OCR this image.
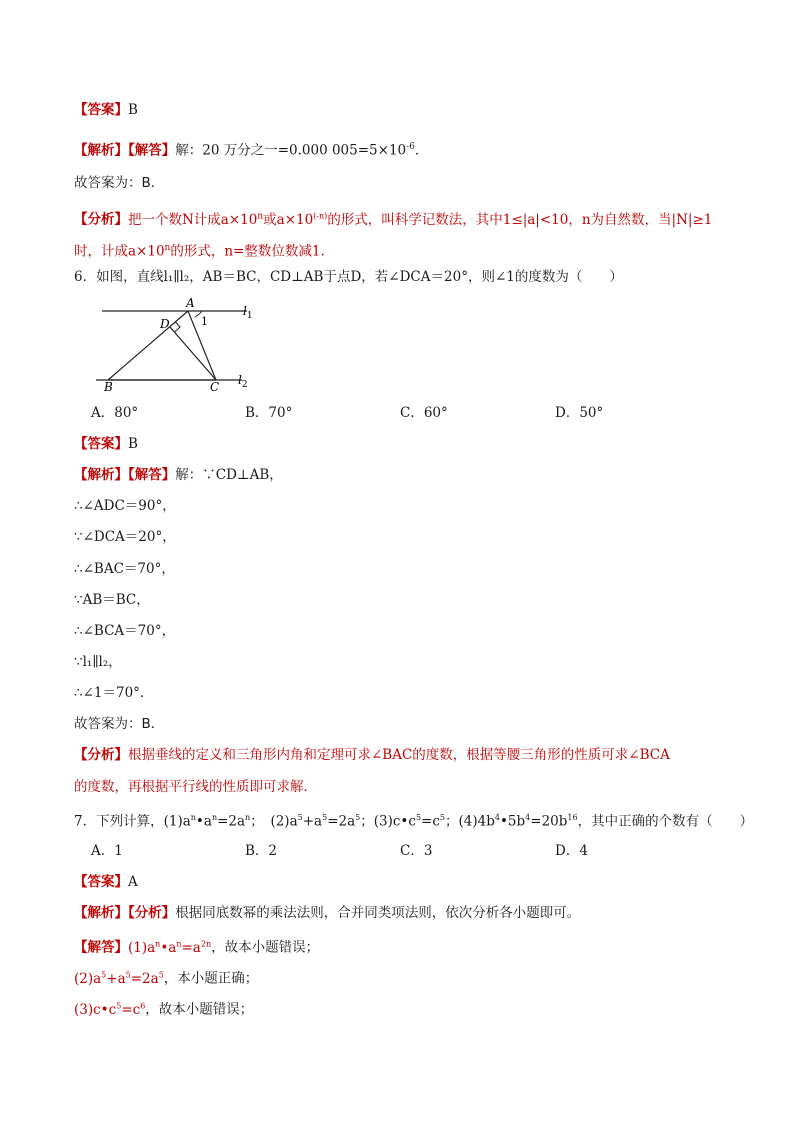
【答案】B
【解析】【解答】解：20 万分之一=0.000 $005=5\times 10^{-6}$．
故答案为：B．
【分析】把一个数N计成$a\times 10^n$或$a\times 10^{(-n)}$的形式，叫科学记数法，其中1≤|a|<10，n为自然数，当|N|≥1
时，计成$a\times 10^n$的形式，n=整数位数减1.
6．如图，直线l₁∥l₂，AB＝BC，CD⊥AB于点D，若∠DCA＝20°，则∠1的度数为（　　）
A
D	1
B	C
$l_1$
$l_2$
A．80°	B．70°	C．60°	D．50°
【答案】B
【解析】【解答】解：∵CD⊥AB，
∴∠ADC＝90°，
∵∠DCA＝20°，
∴∠BAC＝70°，
∵AB＝BC，
∴∠BCA＝70°，
∵l₁∥l₂，
∴∠1＝70°．
故答案为：B．
【分析】根据垂线的定义和三角形内角和定理可求∠BAC的度数，根据等腰三角形的性质可求∠BCA
的度数，再根据平行线的性质即可求解．
7．下列计算，$(1)a^n•a^n=2a^n$；　$(2)a^5+a^5=2a^5$；$(3)c•c^5=c^5$；$(4)4b^4•5b^4=20b^{16}$，其中正确的个数有（　　）
A．1	B．2	C．3	D．4
【答案】A
【解析】【分析】根据同底数幂的乘法法则，合并同类项法则，依次分析各小题即可。
【解答】$(1)a^n•a^n=a^{2n}$，故本小题错误；
$(2)a^5+a^5=2a^5$，本小题正确；
$(3)c•c^5=c^6$，故本小题错误；
